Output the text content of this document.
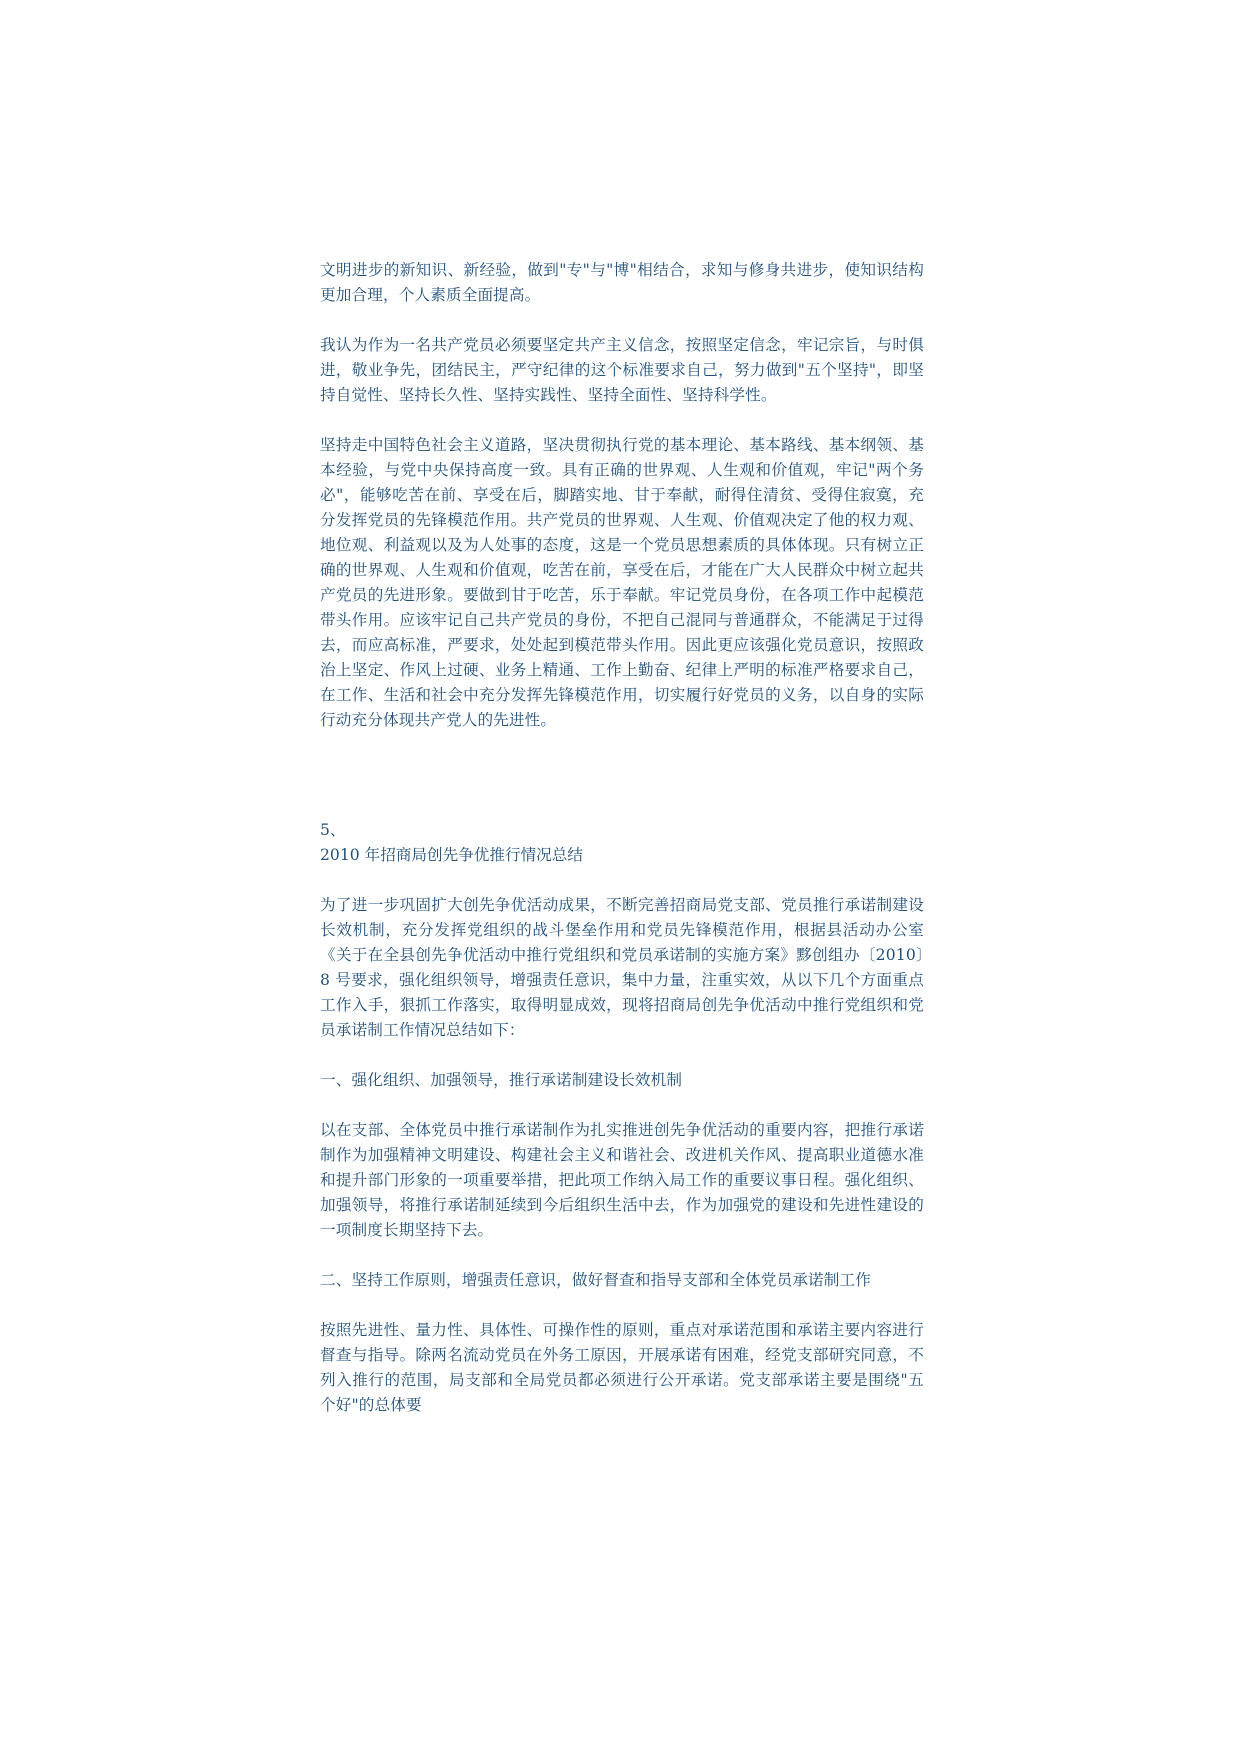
文明进步的新知识、新经验，做到"专"与"博"相结合，求知与修身共进步，使知识结构更加合理，个人素质全面提高。

我认为作为一名共产党员必须要坚定共产主义信念，按照坚定信念，牢记宗旨，与时俱进，敬业争先，团结民主，严守纪律的这个标准要求自己，努力做到"五个坚持"，即坚持自觉性、坚持长久性、坚持实践性、坚持全面性、坚持科学性。

坚持走中国特色社会主义道路，坚决贯彻执行党的基本理论、基本路线、基本纲领、基本经验，与党中央保持高度一致。具有正确的世界观、人生观和价值观，牢记"两个务必"，能够吃苦在前、享受在后，脚踏实地、甘于奉献，耐得住清贫、受得住寂寞，充分发挥党员的先锋模范作用。共产党员的世界观、人生观、价值观决定了他的权力观、地位观、利益观以及为人处事的态度，这是一个党员思想素质的具体体现。只有树立正确的世界观、人生观和价值观，吃苦在前，享受在后，才能在广大人民群众中树立起共产党员的先进形象。要做到甘于吃苦，乐于奉献。牢记党员身份，在各项工作中起模范带头作用。应该牢记自己共产党员的身份，不把自己混同与普通群众，不能满足于过得去，而应高标准，严要求，处处起到模范带头作用。因此更应该强化党员意识，按照政治上坚定、作风上过硬、业务上精通、工作上勤奋、纪律上严明的标准严格要求自己，在工作、生活和社会中充分发挥先锋模范作用，切实履行好党员的义务，以自身的实际行动充分体现共产党人的先进性。

5、

2010 年招商局创先争优推行情况总结

为了进一步巩固扩大创先争优活动成果，不断完善招商局党支部、党员推行承诺制建设长效机制，充分发挥党组织的战斗堡垒作用和党员先锋模范作用，根据县活动办公室《关于在全县创先争优活动中推行党组织和党员承诺制的实施方案》黟创组办〔2010〕8 号要求，强化组织领导，增强责任意识，集中力量，注重实效，从以下几个方面重点工作入手，狠抓工作落实，取得明显成效，现将招商局创先争优活动中推行党组织和党员承诺制工作情况总结如下：

一、强化组织、加强领导，推行承诺制建设长效机制

以在支部、全体党员中推行承诺制作为扎实推进创先争优活动的重要内容，把推行承诺制作为加强精神文明建设、构建社会主义和谐社会、改进机关作风、提高职业道德水准和提升部门形象的一项重要举措，把此项工作纳入局工作的重要议事日程。强化组织、加强领导，将推行承诺制延续到今后组织生活中去，作为加强党的建设和先进性建设的一项制度长期坚持下去。

二、坚持工作原则，增强责任意识，做好督查和指导支部和全体党员承诺制工作

按照先进性、量力性、具体性、可操作性的原则，重点对承诺范围和承诺主要内容进行督查与指导。除两名流动党员在外务工原因，开展承诺有困难，经党支部研究同意，不列入推行的范围，局支部和全局党员都必须进行公开承诺。党支部承诺主要是围绕"五个好"的总体要
